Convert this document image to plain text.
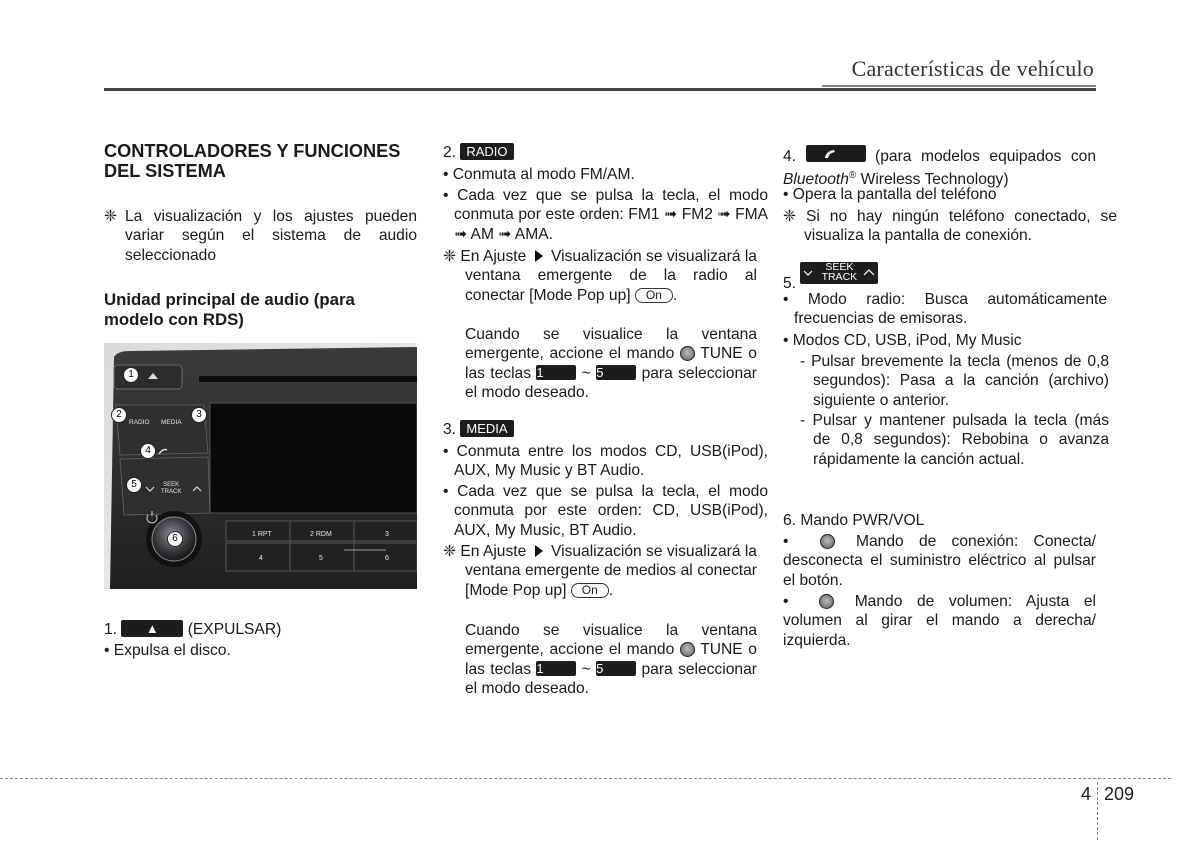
Características de vehículo
CONTROLADORES Y FUNCIONES DEL SISTEMA
❈ La visualización y los ajustes pueden variar según el sistema de audio seleccionado
Unidad principal de audio (para modelo con RDS)
RADIO MEDIA
SEEK
TRACK
1 RPT	2 RDM	3
4	5	6
1
2	3
4
5
6
1. ▲ (EXPULSAR)
• Expulsa el disco.
2. RADIO
• Conmuta al modo FM/AM.
• Cada vez que se pulsa la tecla, el modo conmuta por este orden: FM1 ➟ FM2 ➟ FMA ➟ AM ➟ AMA.
❈ En Ajuste Visualización se visualizará la ventana emergente de la radio al conectar [Mode Pop up] On .
Cuando se visualice la ventana emergente, accione el mando TUNE o las teclas 1 ~ 5 para seleccionar el modo deseado.
3. MEDIA
• Conmuta entre los modos CD, USB(iPod), AUX, My Music y BT Audio.
• Cada vez que se pulsa la tecla, el modo conmuta por este orden: CD, USB(iPod), AUX, My Music, BT Audio.
❈ En Ajuste Visualización se visualizará la ventana emergente de medios al conectar [Mode Pop up] On .
Cuando se visualice la ventana emergente, accione el mando TUNE o las teclas 1 ~ 5 para seleccionar el modo deseado.
4.	(para modelos equipados con Bluetooth® Wireless Technology)
• Opera la pantalla del teléfono
❈ Si no hay ningún teléfono conectado, se visualiza la pantalla de conexión.
5.
SEEK
TRACK
• Modo radio: Busca automáticamente frecuencias de emisoras.
• Modos CD, USB, iPod, My Music
- Pulsar brevemente la tecla (menos de 0,8 segundos): Pasa a la canción (archivo) siguiente o anterior.
- Pulsar y mantener pulsada la tecla (más de 0,8 segundos): Rebobina o avanza rápidamente la canción actual.
6. Mando PWR/VOL
•	Mando de conexión: Conecta/ desconecta el suministro eléctrico al pulsar el botón.
•	Mando de volumen: Ajusta el volumen al girar el mando a derecha/ izquierda.
4 209
